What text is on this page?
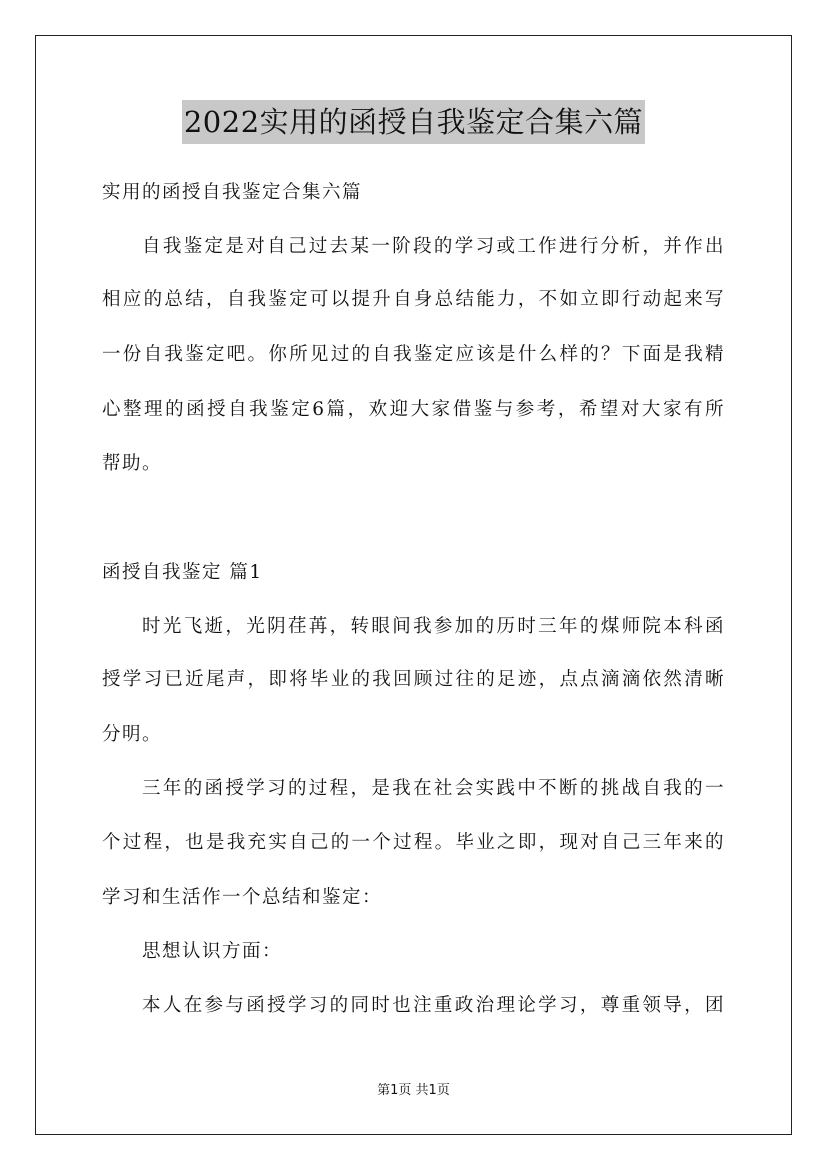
2022实用的函授自我鉴定合集六篇
实用的函授自我鉴定合集六篇
自我鉴定是对自己过去某一阶段的学习或工作进行分析，并作出
相应的总结，自我鉴定可以提升自身总结能力，不如立即行动起来写
一份自我鉴定吧。你所见过的自我鉴定应该是什么样的？下面是我精
心整理的函授自我鉴定6篇，欢迎大家借鉴与参考，希望对大家有所
帮助。
函授自我鉴定 篇1
时光飞逝，光阴荏苒，转眼间我参加的历时三年的煤师院本科函
授学习已近尾声，即将毕业的我回顾过往的足迹，点点滴滴依然清晰
分明。
三年的函授学习的过程，是我在社会实践中不断的挑战自我的一
个过程，也是我充实自己的一个过程。毕业之即，现对自己三年来的
学习和生活作一个总结和鉴定：
思想认识方面：
本人在参与函授学习的同时也注重政治理论学习，尊重领导，团
第1页 共1页
